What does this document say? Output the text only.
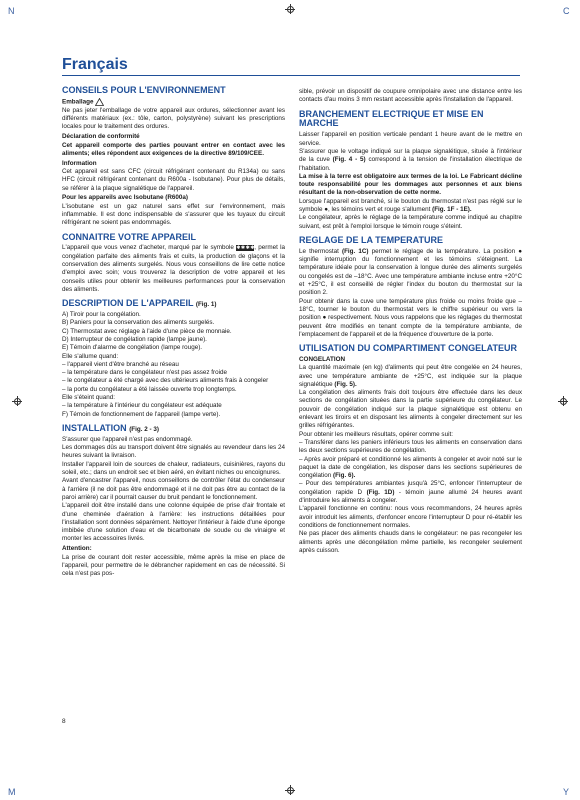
N	C
M	Y
Français
CONSEILS POUR L'ENVIRONNEMENT
Emballage
Ne pas jeter l'emballage de votre appareil aux ordures, sélectionner avant les différents matériaux (ex.: tôle, carton, polystyrène) suivant les prescriptions locales pour le traitement des ordures.
Déclaration de conformité
Cet appareil comporte des parties pouvant entrer en contact avec les aliments; elles répondent aux exigences de la directive 89/109/CEE.
Information
Cet appareil est sans CFC (circuit réfrigérant contenant du R134a) ou sans HFC (circuit réfrigérant contenant du R600a - Isobutane). Pour plus de détails, se référer à la plaque signalétique de l'appareil.
Pour les appareils avec Isobutane (R600a)
L'isobutane est un gaz naturel sans effet sur l'environnement, mais inflammable. Il est donc indispensable de s'assurer que les tuyaux du circuit réfrigérant ne soient pas endommagés.
CONNAITRE VOTRE APPAREIL
L'appareil que vous venez d'acheter, marqué par le symbole ✱✱✱✱, permet la congélation parfaite des aliments frais et cuits, la production de glaçons et la conservation des aliments surgelés. Nous vous conseillons de lire cette notice d'emploi avec soin; vous trouverez la description de votre appareil et les conseils utiles pour obtenir les meilleures performances pour la conservation des aliments.
DESCRIPTION DE L'APPAREIL (Fig. 1)
A) Tiroir pour la congélation.
B) Paniers pour la conservation des aliments surgelés.
C) Thermostat avec réglage à l'aide d'une pièce de monnaie.
D) Interrupteur de congélation rapide (lampe jaune).
E) Témoin d'alarme de congélation (lampe rouge).
Elle s'allume quand:
– l'appareil vient d'être branché au réseau
– la température dans le congélateur n'est pas assez froide
– le congélateur a été chargé avec des ultérieurs aliments frais à congeler
– la porte du congélateur a été laissée ouverte trop longtemps.
Elle s'éteint quand:
– la température à l'intérieur du congélateur est adéquate
F) Témoin de fonctionnement de l'appareil (lampe verte).
INSTALLATION (Fig. 2 - 3)
S'assurer que l'appareil n'est pas endommagé.
Les dommages dûs au transport doivent être signalés au revendeur dans les 24 heures suivant la livraison.
Installer l'appareil loin de sources de chaleur, radiateurs, cuisinières, rayons du soleil, etc.; dans un endroit sec et bien aéré, en évitant niches ou encoignures.
Avant d'encastrer l'appareil, nous conseillons de contrôler l'état du condenseur à l'arrière (il ne doit pas être endommagé et il ne doit pas être au contact de la paroi arrière) car il pourrait causer du bruit pendant le fonctionnement.
L'appareil doit être installé dans une colonne équipée de prise d'air frontale et d'une cheminée d'aération à l'arrière: les instructions détaillées pour l'installation sont données séparément. Nettoyer l'intérieur à l'aide d'une éponge imbibée d'une solution d'eau et de bicarbonate de soude ou de vinaigre et monter les accessoires livrés.
Attention:
La prise de courant doit rester accessible, même après la mise en place de l'appareil, pour permettre de le débrancher rapidement en cas de nécessité. Si cela n'est pas pos-
sible, prévoir un dispositif de coupure omnipolaire avec une distance entre les contacts d'au moins 3 mm restant accessible après l'installation de l'appareil.
BRANCHEMENT ELECTRIQUE ET MISE EN MARCHE
Laisser l'appareil en position verticale pendant 1 heure avant de le mettre en service.
S'assurer que le voltage indiqué sur la plaque signalétique, située à l'intérieur de la cuve (Fig. 4 - 5) correspond à la tension de l'installation électrique de l'habitation.
La mise à la terre est obligatoire aux termes de la loi. Le Fabricant décline toute responsabilité pour les dommages aux personnes et aux biens résultant de la non-observation de cette norme.
Lorsque l'appareil est branché, si le bouton du thermostat n'est pas réglé sur le symbole ●, les témoins vert et rouge s'allument (Fig. 1F - 1E).
Le congélateur, après le réglage de la température comme indiqué au chapitre suivant, est prêt à l'emploi lorsque le témoin rouge s'éteint.
REGLAGE DE LA TEMPERATURE
Le thermostat (Fig. 1C) permet le réglage de la température. La position ● signifie interruption du fonctionnement et les témoins s'éteignent. La température idéale pour la conservation à longue durée des aliments surgelés ou congelés est de –18°C. Avec une température ambiante incluse entre +20°C et +25°C, il est conseillé de régler l'index du bouton du thermostat sur la position 2.
Pour obtenir dans la cuve une température plus froide ou moins froide que –18°C, tourner le bouton du thermostat vers le chiffre supérieur ou vers la position ● respectivement. Nous vous rappelons que les réglages du thermostat peuvent être modifiés en tenant compte de la température ambiante, de l'emplacement de l'appareil et de la fréquence d'ouverture de la porte.
UTILISATION DU COMPARTIMENT CONGELATEUR
CONGELATION
La quantité maximale (en kg) d'aliments qui peut être congelée en 24 heures, avec une température ambiante de +25°C, est indiquée sur la plaque signalétique (Fig. 5).
La congélation des aliments frais doit toujours être effectuée dans les deux sections de congélation situées dans la partie supérieure du congélateur. Le pouvoir de congélation indiqué sur la plaque signalétique est obtenu en enlevant les tiroirs et en disposant les aliments à congeler directement sur les grilles réfrigérantes.
Pour obtenir les meilleurs résultats, opérer comme suit:
– Transférer dans les paniers inférieurs tous les aliments en conservation dans les deux sections supérieures de congélation.
– Après avoir préparé et conditionné les aliments à congeler et avoir noté sur le paquet la date de congélation, les disposer dans les sections supérieures de congélation (Fig. 6).
– Pour des températures ambiantes jusqu'à 25°C, enfoncer l'interrupteur de congélation rapide D (Fig. 1D) - témoin jaune allumé 24 heures avant d'introduire les aliments à congeler.
L'appareil fonctionne en continu: nous vous recommandons, 24 heures après avoir introduit les aliments, d'enfoncer encore l'interrupteur D pour ré-établir les conditions de fonctionnement normales.
Ne pas placer des aliments chauds dans le congélateur: ne pas recongeler les aliments après une décongélation même partielle, les recongeler seulement après cuisson.
8
